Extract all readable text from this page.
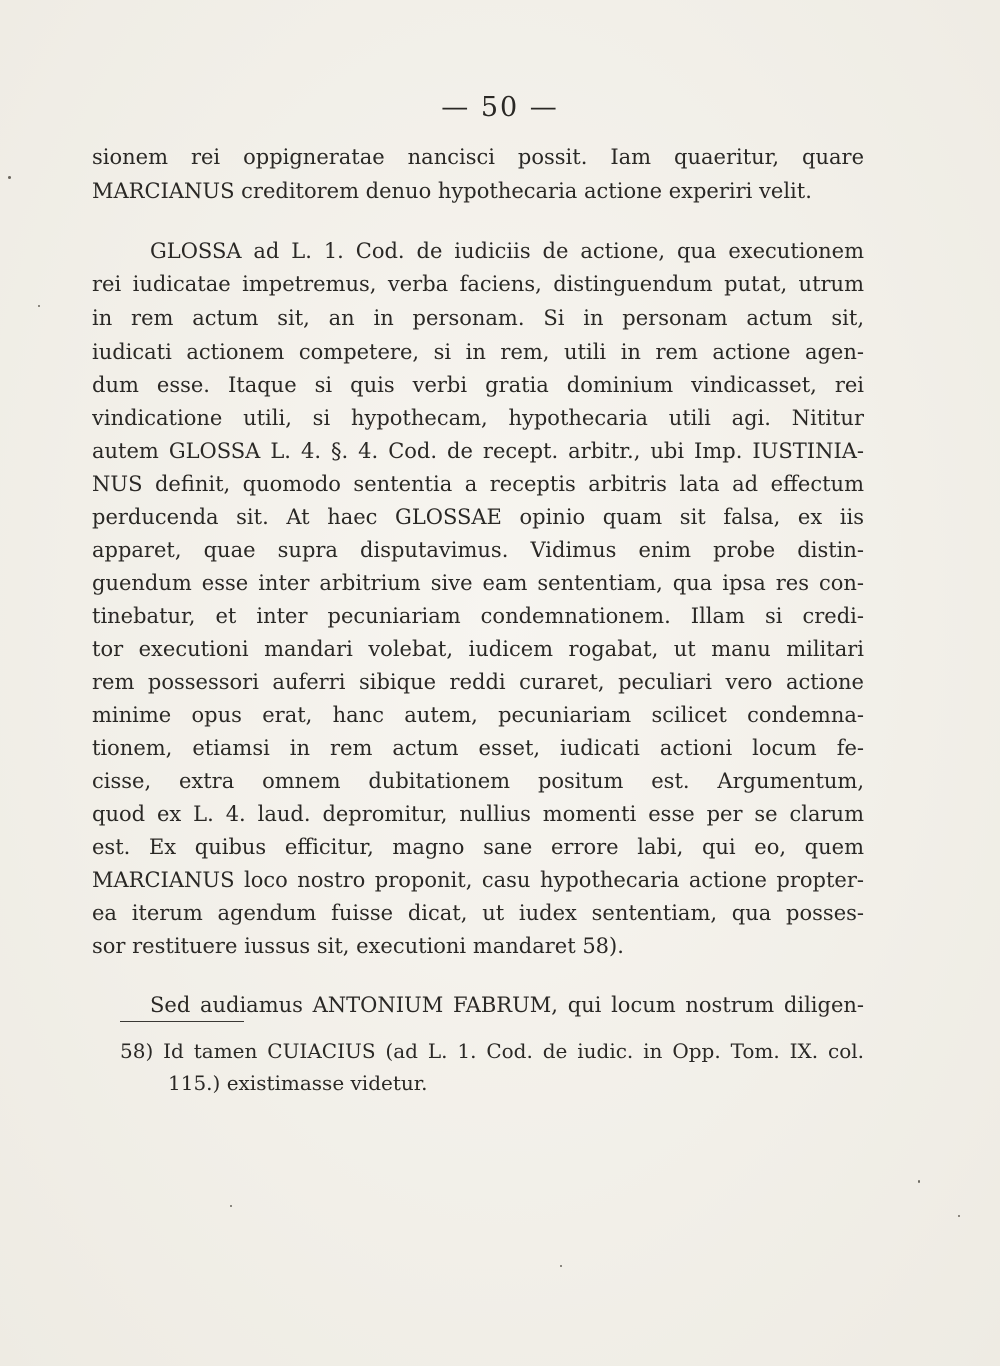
— 50 —
sionem rei oppigneratae nancisci possit. Iam quaeritur, quare
MARCIANUS creditorem denuo hypothecaria actione experiri velit.
GLOSSA ad L. 1. Cod. de iudiciis de actione, qua executionem
rei iudicatae impetremus, verba faciens, distinguendum putat, utrum
in rem actum sit, an in personam. Si in personam actum sit,
iudicati actionem competere, si in rem, utili in rem actione agen-
dum esse. Itaque si quis verbi gratia dominium vindicasset, rei
vindicatione utili, si hypothecam, hypothecaria utili agi. Nititur
autem GLOSSA L. 4. §. 4. Cod. de recept. arbitr., ubi Imp. IUSTINIA-
NUS definit, quomodo sententia a receptis arbitris lata ad effectum
perducenda sit. At haec GLOSSAE opinio quam sit falsa, ex iis
apparet, quae supra disputavimus. Vidimus enim probe distin-
guendum esse inter arbitrium sive eam sententiam, qua ipsa res con-
tinebatur, et inter pecuniariam condemnationem. Illam si credi-
tor executioni mandari volebat, iudicem rogabat, ut manu militari
rem possessori auferri sibique reddi curaret, peculiari vero actione
minime opus erat, hanc autem, pecuniariam scilicet condemna-
tionem, etiamsi in rem actum esset, iudicati actioni locum fe-
cisse, extra omnem dubitationem positum est. Argumentum,
quod ex L. 4. laud. depromitur, nullius momenti esse per se clarum
est. Ex quibus efficitur, magno sane errore labi, qui eo, quem
MARCIANUS loco nostro proponit, casu hypothecaria actione propter-
ea iterum agendum fuisse dicat, ut iudex sententiam, qua posses-
sor restituere iussus sit, executioni mandaret 58).
Sed audiamus ANTONIUM FABRUM, qui locum nostrum diligen-
58) Id tamen CUIACIUS (ad L. 1. Cod. de iudic. in Opp. Tom. IX. col.
115.) existimasse videtur.
